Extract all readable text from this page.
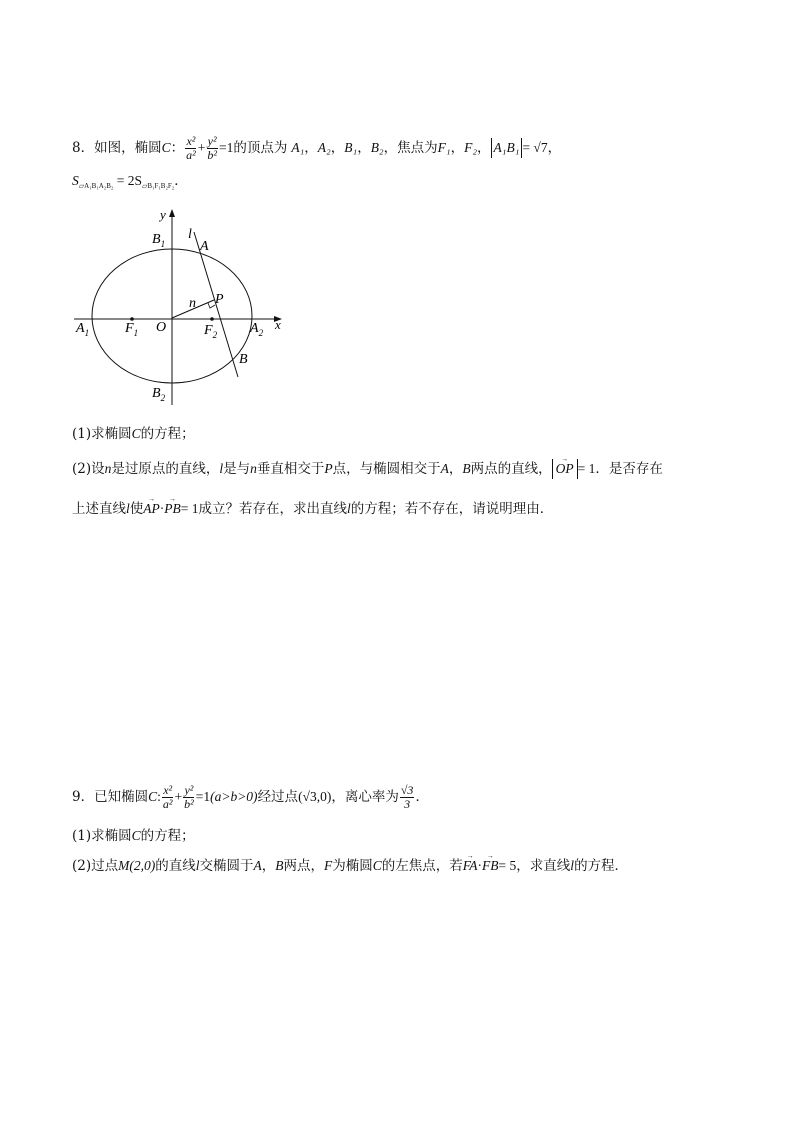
8．如图，椭圆C： $\frac{\text{x²}}{\text{a²}} + \frac{\text{y²}}{\text{b²}} =1$的顶点为 A₁，A₂，B₁，B₂，焦点为F₁，F₂， A₁B₁ = √7，
$S_{▱A_1B_1A_2B_2} = 2S_{▱B_1F_1B_2F_2}$．
y
x
$B_1$
$B_2$
$A_1$	$A_2$
$F_1$	$F_2$
O
l
A
B
n P
(1)求椭圆C的方程；
(2)设n是过原点的直线，l是与n垂直相交于P点，与椭圆相交于A，B两点的直线，→ OP = 1．是否存在
上述直线l使→ AP·→ PB= 1成立？若存在，求出直线l的方程；若不存在，请说明理由．
9．已知椭圆C: $\frac{\text{x²}}{\text{a²}} + \frac{\text{y²}}{\text{b²}} =1(a>b>0)$经过点(√3,0)，离心率为 $\frac{√3}{3}$ ．
(1)求椭圆C的方程；
(2)过点M(2,0)的直线l交椭圆于A，B两点，F为椭圆C的左焦点，若→ FA·→ FB= 5，求直线l的方程．
